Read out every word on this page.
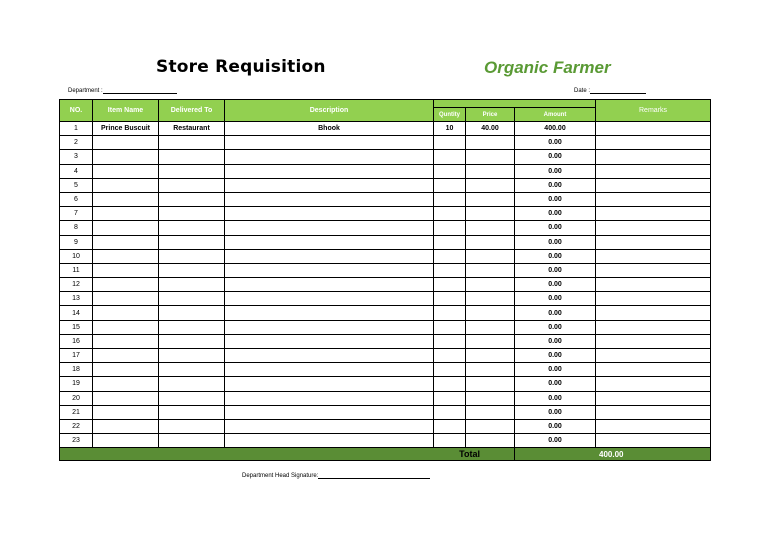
Store Requisition	Organic Farmer
Department :	Date :
NO.	Item Name	Delivered To	Description				Remarks
				Quntity	Price	Amount	
1	Prince Buscuit	Restaurant	Bhook	10	40.00	400.00	
2						0.00	
3						0.00	
4						0.00	
5						0.00	
6						0.00	
7						0.00	
8						0.00	
9						0.00	
10						0.00	
11						0.00	
12						0.00	
13						0.00	
14						0.00	
15						0.00	
16						0.00	
17						0.00	
18						0.00	
19						0.00	
20						0.00	
21						0.00	
22						0.00	
23						0.00	
Total						400.00	
Department Head Signature:
